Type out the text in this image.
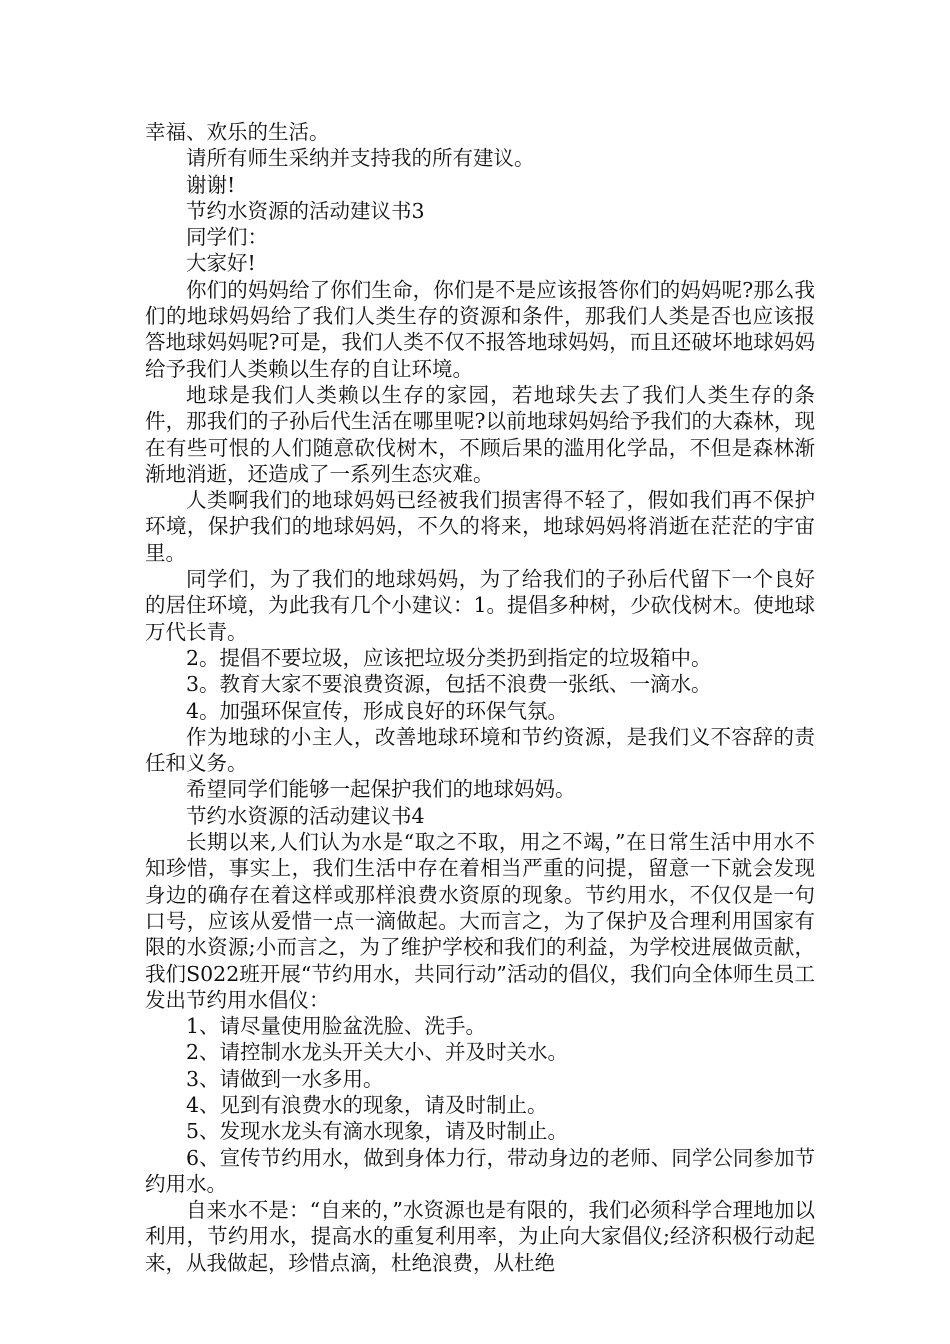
幸福、欢乐的生活。

请所有师生采纳并支持我的所有建议。

谢谢!

节约水资源的活动建议书3

同学们：

大家好!

你们的妈妈给了你们生命，你们是不是应该报答你们的妈妈呢?那么我们的地球妈妈给了我们人类生存的资源和条件，那我们人类是否也应该报答地球妈妈呢?可是，我们人类不仅不报答地球妈妈，而且还破坏地球妈妈给予我们人类赖以生存的自让环境。

地球是我们人类赖以生存的家园，若地球失去了我们人类生存的条件，那我们的子孙后代生活在哪里呢?以前地球妈妈给予我们的大森林，现在有些可恨的人们随意砍伐树木，不顾后果的滥用化学品，不但是森林渐渐地消逝，还造成了一系列生态灾难。

人类啊我们的地球妈妈已经被我们损害得不轻了，假如我们再不保护环境，保护我们的地球妈妈，不久的将来，地球妈妈将消逝在茫茫的宇宙里。

同学们，为了我们的地球妈妈，为了给我们的子孙后代留下一个良好的居住环境，为此我有几个小建议：1。提倡多种树，少砍伐树木。使地球万代长青。

2。提倡不要垃圾，应该把垃圾分类扔到指定的垃圾箱中。

3。教育大家不要浪费资源，包括不浪费一张纸、一滴水。

4。加强环保宣传，形成良好的环保气氛。

作为地球的小主人，改善地球环境和节约资源，是我们义不容辞的责任和义务。

希望同学们能够一起保护我们的地球妈妈。

节约水资源的活动建议书4

长期以来,人们认为水是“取之不取，用之不竭，”在日常生活中用水不知珍惜，事实上，我们生活中存在着相当严重的问提，留意一下就会发现身边的确存在着这样或那样浪费水资原的现象。节约用水，不仅仅是一句口号，应该从爱惜一点一滴做起。大而言之，为了保护及合理利用国家有限的水资源;小而言之，为了维护学校和我们的利益，为学校进展做贡献，我们S022班开展“节约用水，共同行动”活动的倡仪，我们向全体师生员工发出节约用水倡仪：

1、请尽量使用脸盆洗脸、洗手。

2、请控制水龙头开关大小、并及时关水。

3、请做到一水多用。

4、见到有浪费水的现象，请及时制止。

5、发现水龙头有滴水现象，请及时制止。

6、宣传节约用水，做到身体力行，带动身边的老师、同学公同参加节约用水。

自来水不是：“自来的，”水资源也是有限的，我们必须科学合理地加以利用，节约用水，提高水的重复利用率，为止向大家倡仪;经济积极行动起来，从我做起，珍惜点滴，杜绝浪费，从杜绝
